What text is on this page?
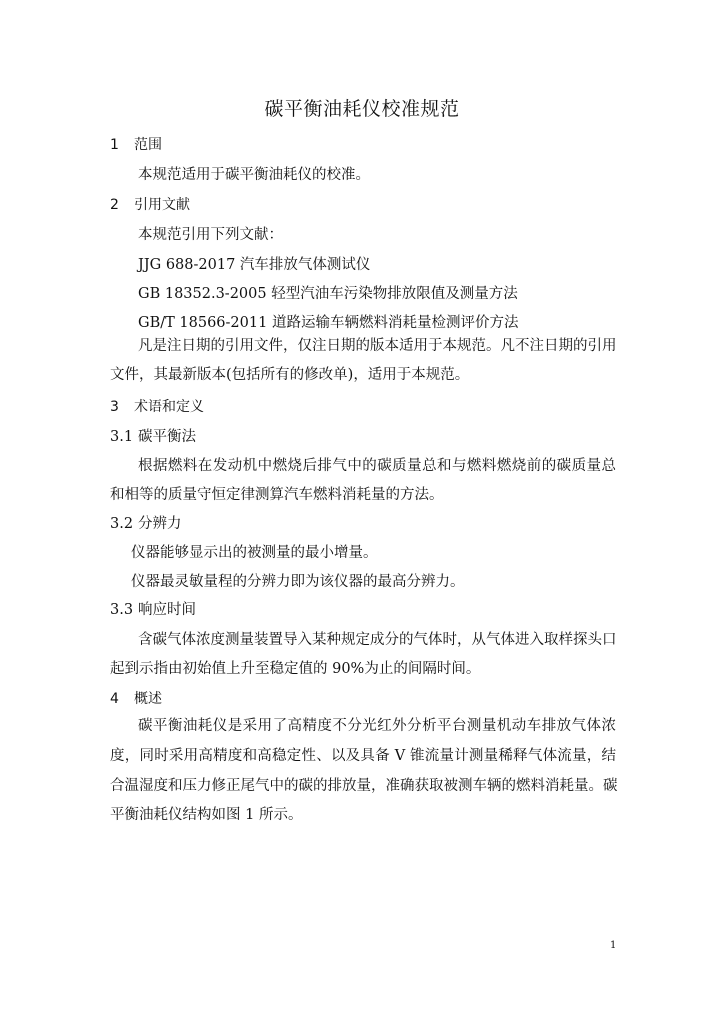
碳平衡油耗仪校准规范
1 范围
本规范适用于碳平衡油耗仪的校准。
2 引用文献
本规范引用下列文献：
JJG 688-2017 汽车排放气体测试仪
GB 18352.3-2005 轻型汽油车污染物排放限值及测量方法
GB/T 18566-2011 道路运输车辆燃料消耗量检测评价方法
凡是注日期的引用文件，仅注日期的版本适用于本规范。凡不注日期的引用
文件，其最新版本(包括所有的修改单)，适用于本规范。
3 术语和定义
3.1 碳平衡法
根据燃料在发动机中燃烧后排气中的碳质量总和与燃料燃烧前的碳质量总
和相等的质量守恒定律测算汽车燃料消耗量的方法。
3.2 分辨力
仪器能够显示出的被测量的最小增量。
仪器最灵敏量程的分辨力即为该仪器的最高分辨力。
3.3 响应时间
含碳气体浓度测量装置导入某种规定成分的气体时，从气体进入取样探头口
起到示指由初始值上升至稳定值的 90%为止的间隔时间。
4 概述
碳平衡油耗仪是采用了高精度不分光红外分析平台测量机动车排放气体浓
度，同时采用高精度和高稳定性、以及具备 V 锥流量计测量稀释气体流量，结
合温湿度和压力修正尾气中的碳的排放量，准确获取被测车辆的燃料消耗量。碳
平衡油耗仪结构如图 1 所示。
1
